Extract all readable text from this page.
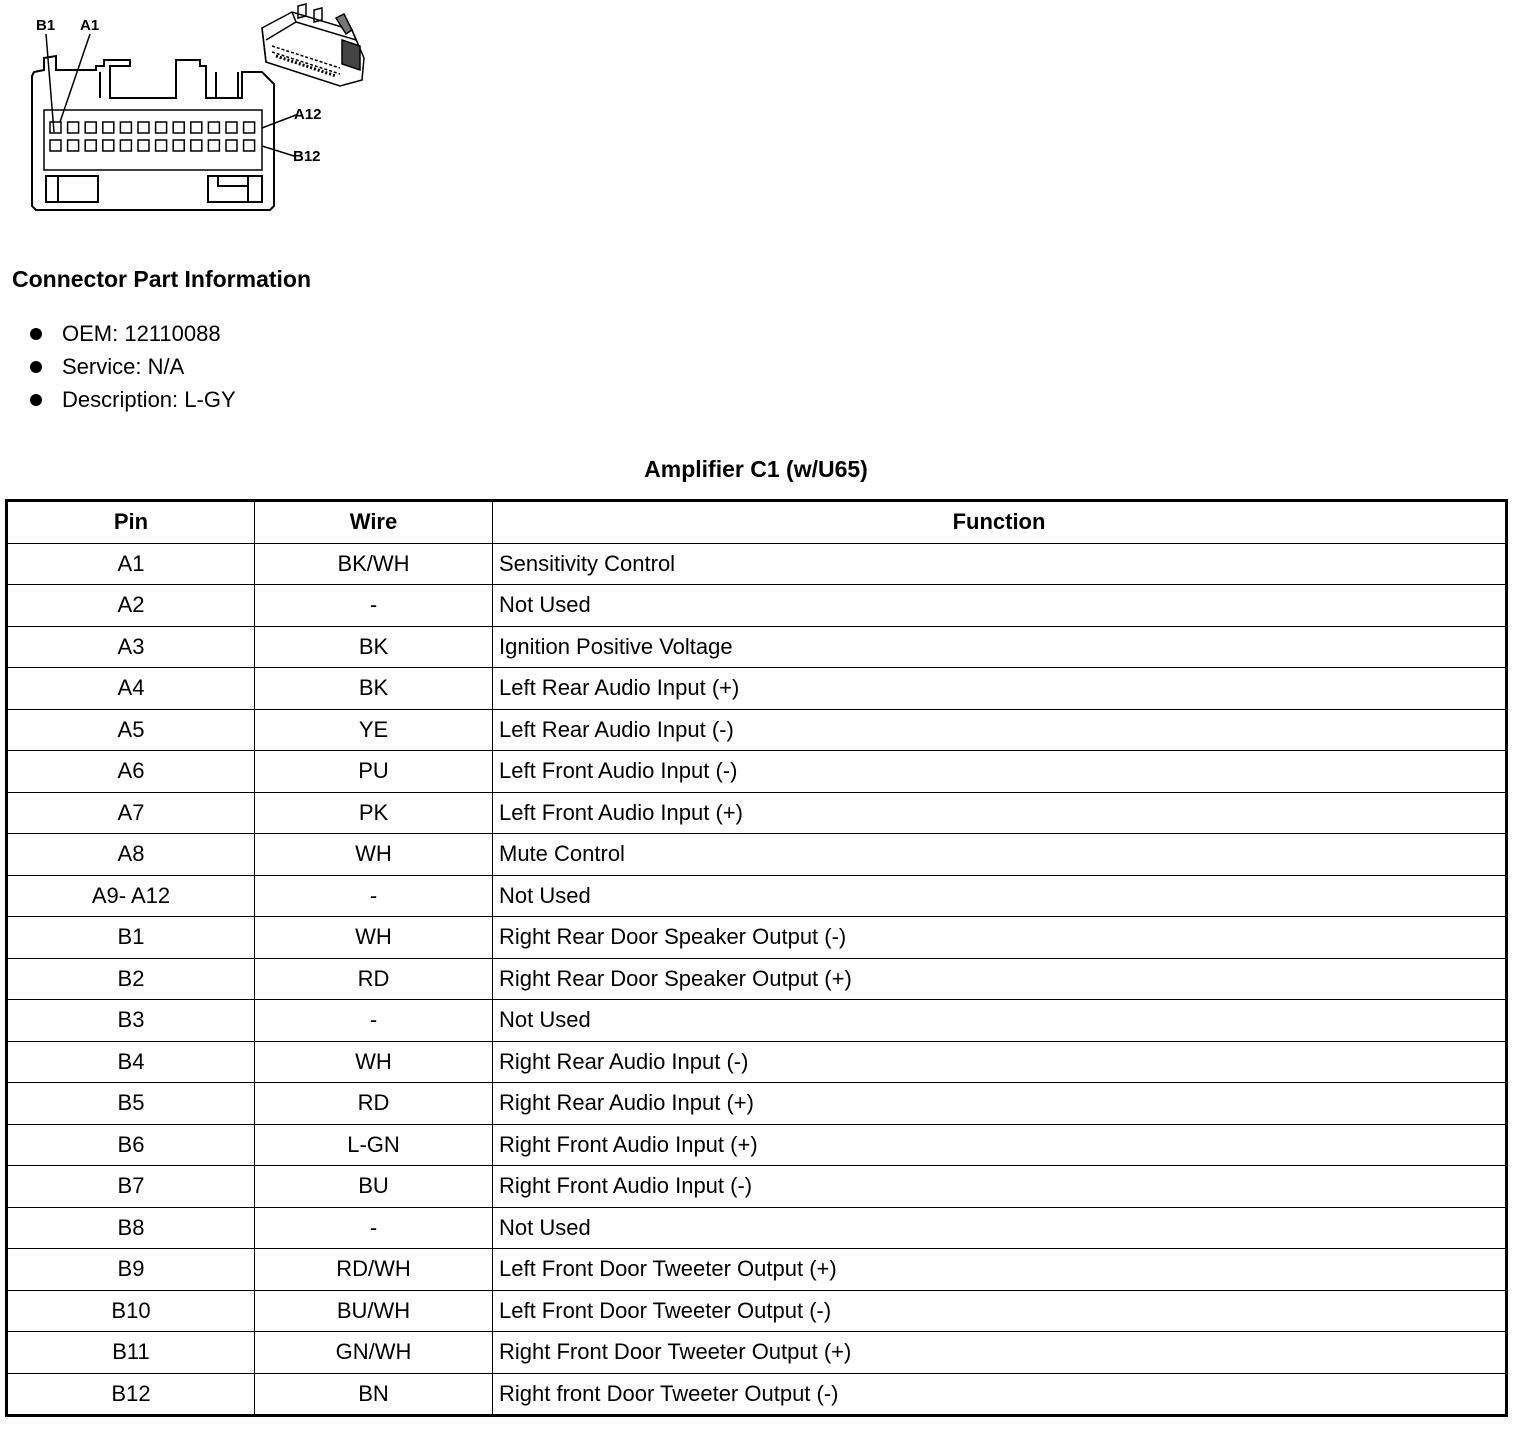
B1 A1
A12
B12
Connector Part Information
OEM: 12110088
Service: N/A
Description: L-GY
Amplifier C1 (w/U65)
Pin	Wire	Function
A1	BK/WH	Sensitivity Control
A2	-	Not Used
A3	BK	Ignition Positive Voltage
A4	BK	Left Rear Audio Input (+)
A5	YE	Left Rear Audio Input (-)
A6	PU	Left Front Audio Input (-)
A7	PK	Left Front Audio Input (+)
A8	WH	Mute Control
A9- A12	-	Not Used
B1	WH	Right Rear Door Speaker Output (-)
B2	RD	Right Rear Door Speaker Output (+)
B3	-	Not Used
B4	WH	Right Rear Audio Input (-)
B5	RD	Right Rear Audio Input (+)
B6	L-GN	Right Front Audio Input (+)
B7	BU	Right Front Audio Input (-)
B8	-	Not Used
B9	RD/WH	Left Front Door Tweeter Output (+)
B10	BU/WH	Left Front Door Tweeter Output (-)
B11	GN/WH	Right Front Door Tweeter Output (+)
B12	BN	Right front Door Tweeter Output (-)
